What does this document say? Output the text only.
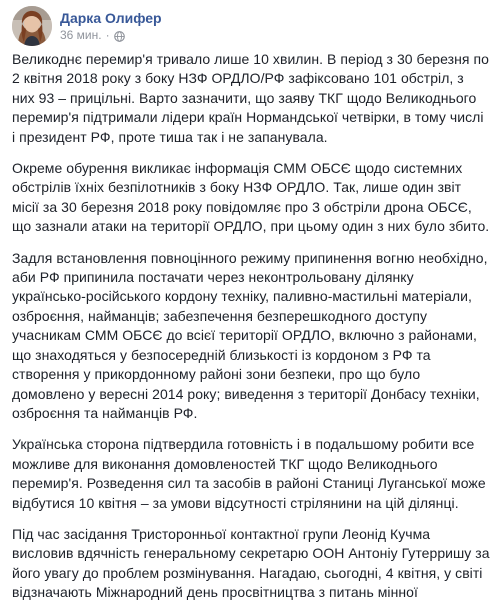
Дарка Олифер
36 мин. ·

Великоднє перемир'я тривало лише 10 хвилин. В період з 30 березня по 2 квітня 2018 року з боку НЗФ ОРДЛО/РФ зафіксовано 101 обстріл, з них 93 – прицільні. Варто зазначити, що заяву ТКГ щодо Великоднього перемир'я підтримали лідери країн Нормандської четвірки, в тому числі і президент РФ, проте тиша так і не запанувала.

Окреме обурення викликає інформація СММ ОБСЄ щодо системних обстрілів їхніх безпілотників з боку НЗФ ОРДЛО. Так, лише один звіт місії за 30 березня 2018 року повідомляє про 3 обстріли дрона ОБСЄ, що зазнали атаки на території ОРДЛО, при цьому один з них було збито.

Задля встановлення повноцінного режиму припинення вогню необхідно, аби РФ припинила постачати через неконтрольовану ділянку українсько-російського кордону техніку, паливно-мастильні матеріали, озброєння, найманців; забезпечення безперешкодного доступу учасникам СММ ОБСЄ до всієї території ОРДЛО, включно з районами, що знаходяться у безпосередній близькості із кордоном з РФ та створення у прикордонному районі зони безпеки, про що було домовлено у вересні 2014 року; виведення з території Донбасу техніки, озброєння та найманців РФ.

Українська сторона підтвердила готовність і в подальшому робити все можливе для виконання домовленостей ТКГ щодо Великоднього перемир'я. Розведення сил та засобів в районі Станиці Луганської може відбутися 10 квітня – за умови відсутності стрілянини на цій ділянці.

Під час засідання Тристоронньої контактної групи Леонід Кучма висловив вдячність генеральному секретарю ООН Антоніу Гутерришу за його увагу до проблем розмінування. Нагадаю, сьогодні, 4 квітня, у світі відзначають Міжнародний день просвітництва з питань мінної
